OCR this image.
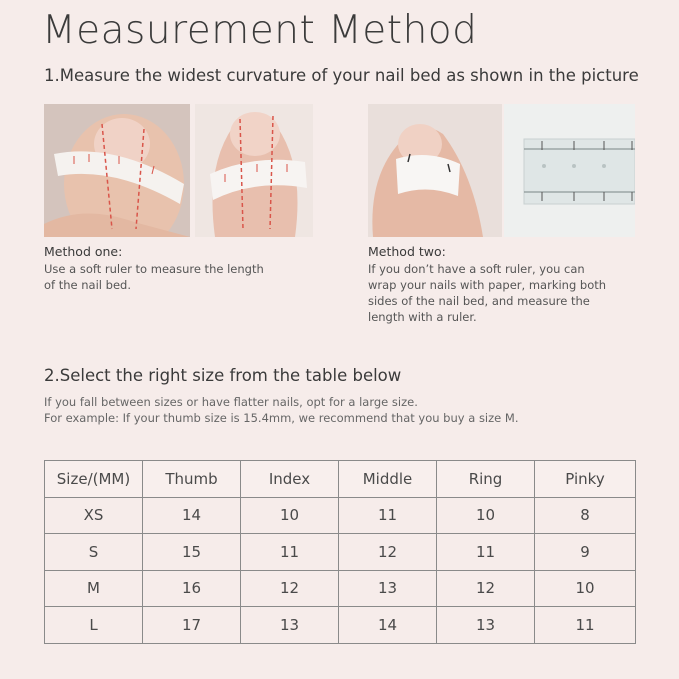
Measurement Method
1.Measure the widest curvature of your nail bed as shown in the picture
Method one:
Use a soft ruler to measure the length
of the nail bed.
Method two:
If you don’t have a soft ruler, you can
wrap your nails with paper, marking both
sides of the nail bed, and measure the
length with a ruler.
2.Select the right size from the table below
If you fall between sizes or have flatter nails, opt for a large size.
For example: If your thumb size is 15.4mm, we recommend that you buy a size M.
Size/(MM)	Thumb	Index	Middle	Ring	Pinky
XS	14	10	11	10	8
S	15	11	12	11	9
M	16	12	13	12	10
L	17	13	14	13	11
